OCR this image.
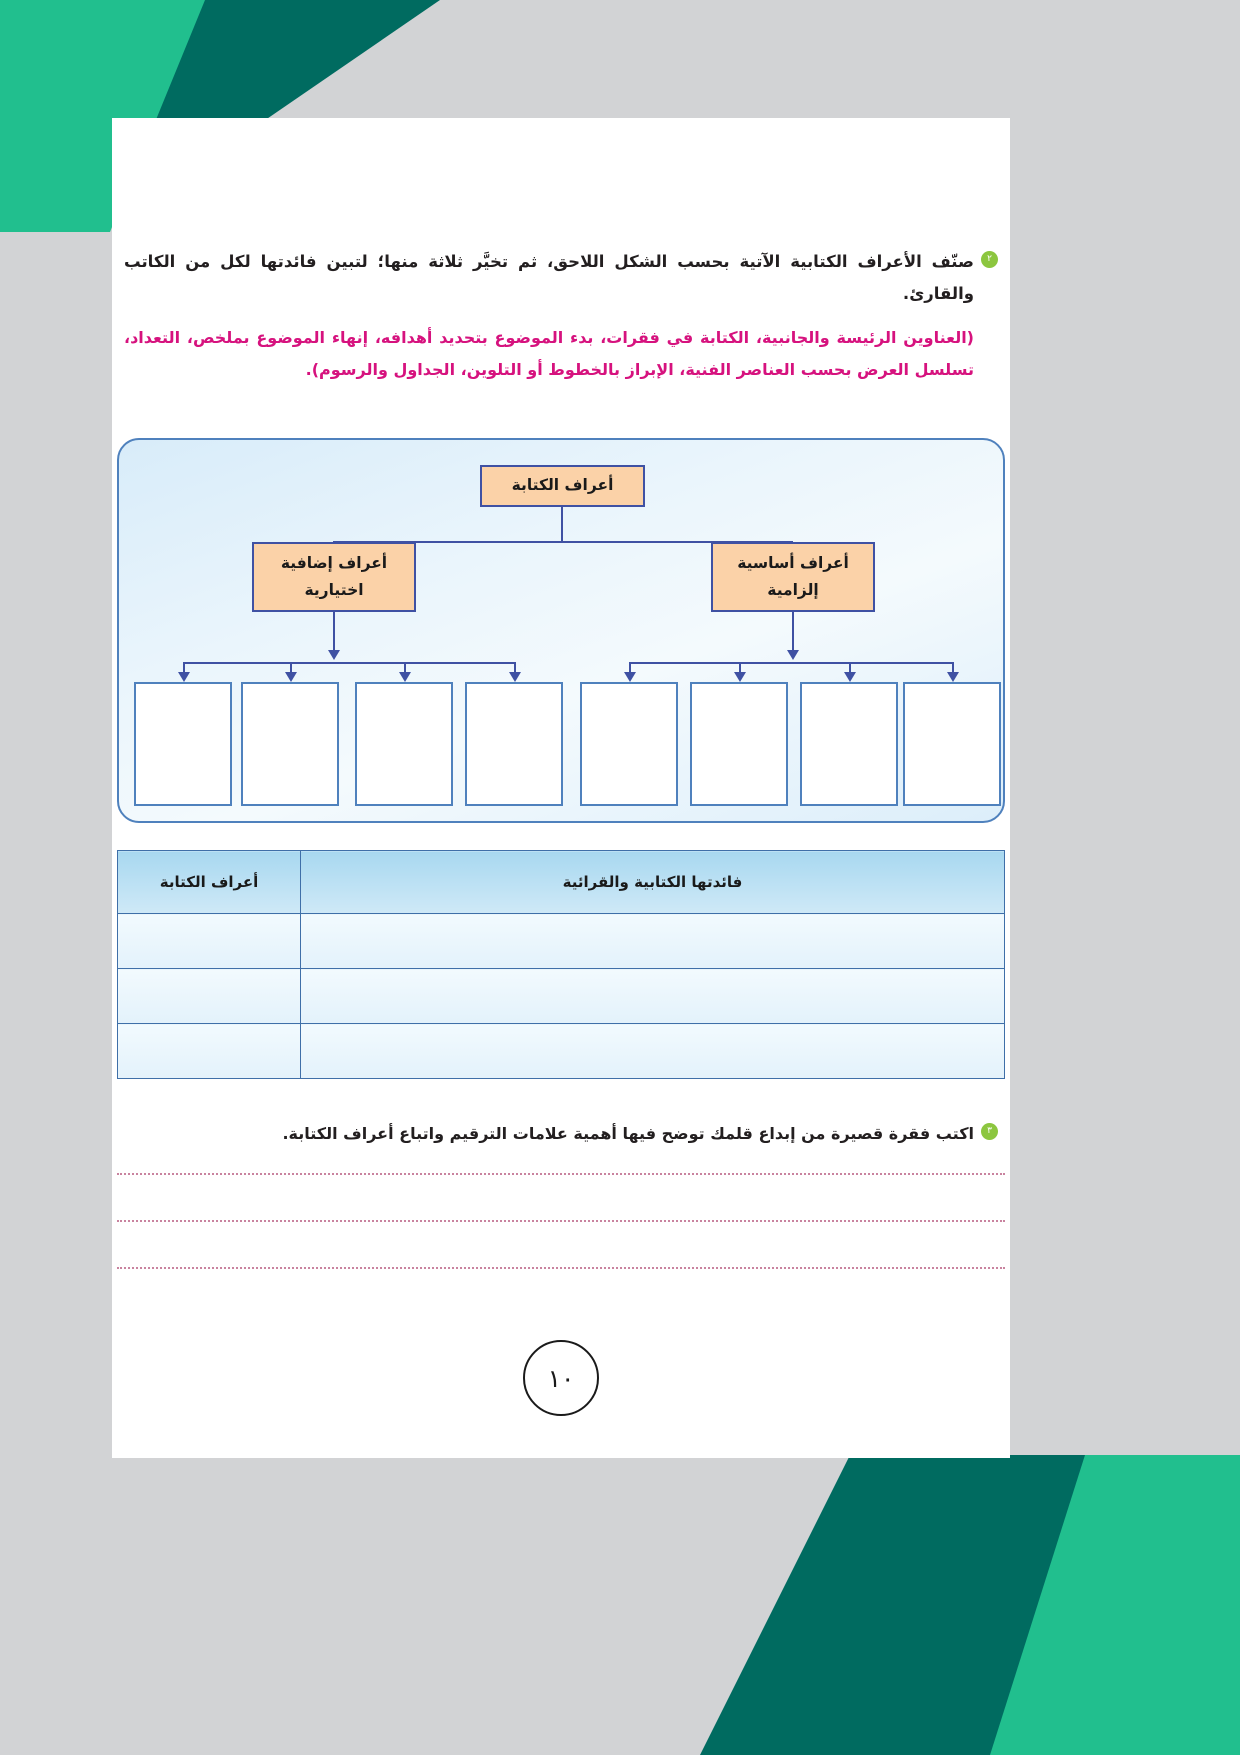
٢
صنّف الأعراف الكتابية الآتية بحسب الشكل اللاحق، ثم تخيَّر ثلاثة منها؛ لتبين فائدتها لكل من الكاتب والقارئ.
(العناوين الرئيسة والجانبية، الكتابة في فقرات، بدء الموضوع بتحديد أهدافه، إنهاء الموضوع بملخص، التعداد، تسلسل العرض بحسب العناصر الفنية، الإبراز بالخطوط أو التلوين، الجداول والرسوم).
أعراف الكتابة
أعراف إضافية
اختيارية
أعراف أساسية
إلزامية
فائدتها الكتابية والقرائية	أعراف الكتابة

٣
اكتب فقرة قصيرة من إبداع قلمك توضح فيها أهمية علامات الترقيم واتباع أعراف الكتابة.
١٠
